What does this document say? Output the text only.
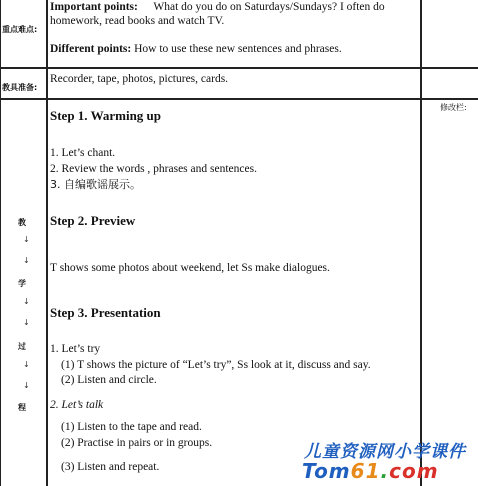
重点难点:
Important points: What do you do on Saturdays/Sundays? I often do
homework, read books and watch TV.
Different points: How to use these new sentences and phrases.
教具准备:
Recorder, tape, photos, pictures, cards.
教
↓
↓
学
↓
↓
过
↓
↓
程
修改栏:
Step 1. Warming up
1. Let’s chant.
2. Review the words , phrases and sentences.
3. 自编歌谣展示。
Step 2. Preview
T shows some photos about weekend, let Ss make dialogues.
Step 3. Presentation
1. Let’s try
(1) T shows the picture of “Let’s try”, Ss look at it, discuss and say.
(2) Listen and circle.
2. Let’s talk
(1) Listen to the tape and read.
(2) Practise in pairs or in groups.
(3) Listen and repeat.
儿童资源网小学课件
Tom61.com
